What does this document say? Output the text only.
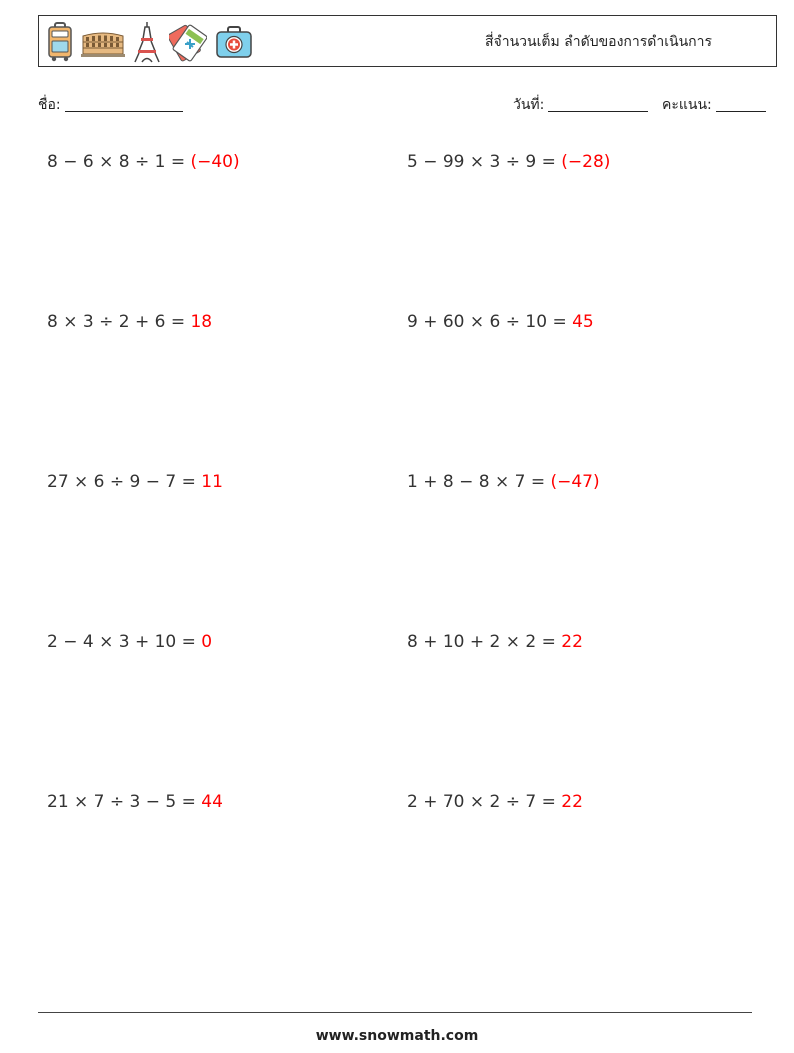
สี่จำนวนเต็ม ลำดับของการดำเนินการ
ชื่อ:	วันที่:	คะแนน:
8 − 6 × 8 ÷ 1 = (−40)	5 − 99 × 3 ÷ 9 = (−28)
8 × 3 ÷ 2 + 6 = 18	9 + 60 × 6 ÷ 10 = 45
27 × 6 ÷ 9 − 7 = 11	1 + 8 − 8 × 7 = (−47)
2 − 4 × 3 + 10 = 0	8 + 10 + 2 × 2 = 22
21 × 7 ÷ 3 − 5 = 44	2 + 70 × 2 ÷ 7 = 22
www.snowmath.com
